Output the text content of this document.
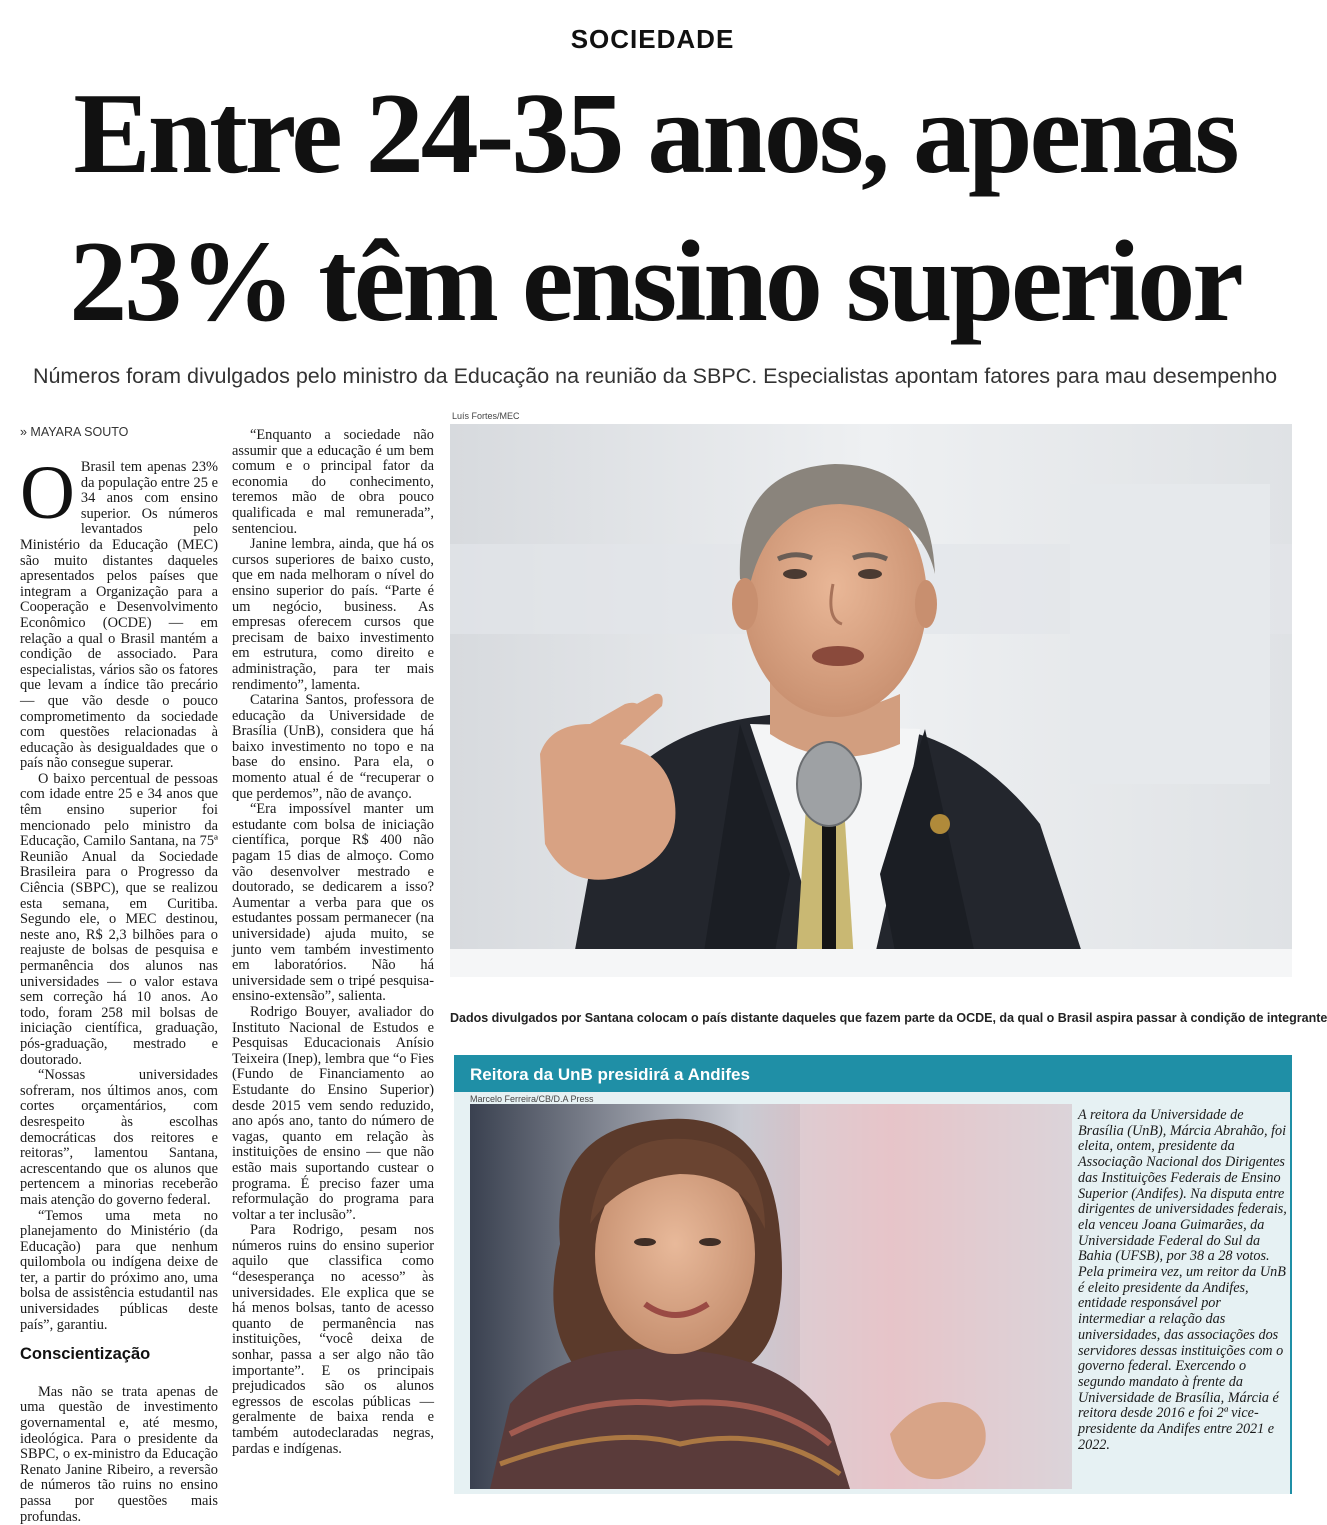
SOCIEDADE
Entre 24-35 anos, apenas
23% têm ensino superior
Números foram divulgados pelo ministro da Educação na reunião da SBPC. Especialistas apontam fatores para mau desempenho
» MAYARA SOUTO

O Brasil tem apenas 23% da população entre 25 e 34 anos com ensino superior. Os números levantados pelo Ministério da Educação (MEC) são muito distantes daqueles apresentados pelos países que integram a Organização para a Cooperação e Desenvolvimento Econômico (OCDE) — em relação a qual o Brasil mantém a condição de associado. Para especialistas, vários são os fatores que levam a índice tão precário — que vão desde o pouco comprometimento da sociedade com questões relacionadas à educação às desigualdades que o país não consegue superar.

O baixo percentual de pessoas com idade entre 25 e 34 anos que têm ensino superior foi mencionado pelo ministro da Educação, Camilo Santana, na 75ª Reunião Anual da Sociedade Brasileira para o Progresso da Ciência (SBPC), que se realizou esta semana, em Curitiba. Segundo ele, o MEC destinou, neste ano, R$ 2,3 bilhões para o reajuste de bolsas de pesquisa e permanência dos alunos nas universidades — o valor estava sem correção há 10 anos. Ao todo, foram 258 mil bolsas de iniciação científica, graduação, pós-graduação, mestrado e doutorado.

“Nossas universidades sofreram, nos últimos anos, com cortes orçamentários, com desrespeito às escolhas democráticas dos reitores e reitoras”, lamentou Santana, acrescentando que os alunos que pertencem a minorias receberão mais atenção do governo federal.

“Temos uma meta no planejamento do Ministério (da Educação) para que nenhum quilombola ou indígena deixe de ter, a partir do próximo ano, uma bolsa de assistência estudantil nas universidades públicas deste país”, garantiu.

Conscientização

Mas não se trata apenas de uma questão de investimento governamental e, até mesmo, ideológica. Para o presidente da SBPC, o ex-ministro da Educação Renato Janine Ribeiro, a reversão de números tão ruins no ensino passa por questões mais profundas.

“Enquanto a sociedade não assumir que a educação é um bem comum e o principal fator da economia do conhecimento, teremos mão de obra pouco qualificada e mal remunerada”, sentenciou.

Janine lembra, ainda, que há os cursos superiores de baixo custo, que em nada melhoram o nível do ensino superior do país. “Parte é um negócio, business. As empresas oferecem cursos que precisam de baixo investimento em estrutura, como direito e administração, para ter mais rendimento”, lamenta.

Catarina Santos, professora de educação da Universidade de Brasília (UnB), considera que há baixo investimento no topo e na base do ensino. Para ela, o momento atual é de “recuperar o que perdemos”, não de avanço.

“Era impossível manter um estudante com bolsa de iniciação científica, porque R$ 400 não pagam 15 dias de almoço. Como vão desenvolver mestrado e doutorado, se dedicarem a isso? Aumentar a verba para que os estudantes possam permanecer (na universidade) ajuda muito, se junto vem também investimento em laboratórios. Não há universidade sem o tripé pesquisa-ensino-extensão”, salienta.

Rodrigo Bouyer, avaliador do Instituto Nacional de Estudos e Pesquisas Educacionais Anísio Teixeira (Inep), lembra que “o Fies (Fundo de Financiamento ao Estudante do Ensino Superior) desde 2015 vem sendo reduzido, ano após ano, tanto do número de vagas, quanto em relação às instituições de ensino — que não estão mais suportando custear o programa. É preciso fazer uma reformulação do programa para voltar a ter inclusão”.

Para Rodrigo, pesam nos números ruins do ensino superior aquilo que classifica como “desesperança no acesso” às universidades. Ele explica que se há menos bolsas, tanto de acesso quanto de permanência nas instituições, “você deixa de sonhar, passa a ser algo não tão importante”. E os principais prejudicados são os alunos egressos de escolas públicas — geralmente de baixa renda e também autodeclaradas negras, pardas e indígenas.

Luís Fortes/MEC
Dados divulgados por Santana colocam o país distante daqueles que fazem parte da OCDE, da qual o Brasil aspira passar à condição de integrante
Reitora da UnB presidirá a Andifes
Marcelo Ferreira/CB/D.A Press
A reitora da Universidade de Brasília (UnB), Márcia Abrahão, foi eleita, ontem, presidente da Associação Nacional dos Dirigentes das Instituições Federais de Ensino Superior (Andifes). Na disputa entre dirigentes de universidades federais, ela venceu Joana Guimarães, da Universidade Federal do Sul da Bahia (UFSB), por 38 a 28 votos. Pela primeira vez, um reitor da UnB é eleito presidente da Andifes, entidade responsável por intermediar a relação das universidades, das associações dos servidores dessas instituições com o governo federal. Exercendo o segundo mandato à frente da Universidade de Brasília, Márcia é reitora desde 2016 e foi 2ª vice-presidente da Andifes entre 2021 e 2022.
